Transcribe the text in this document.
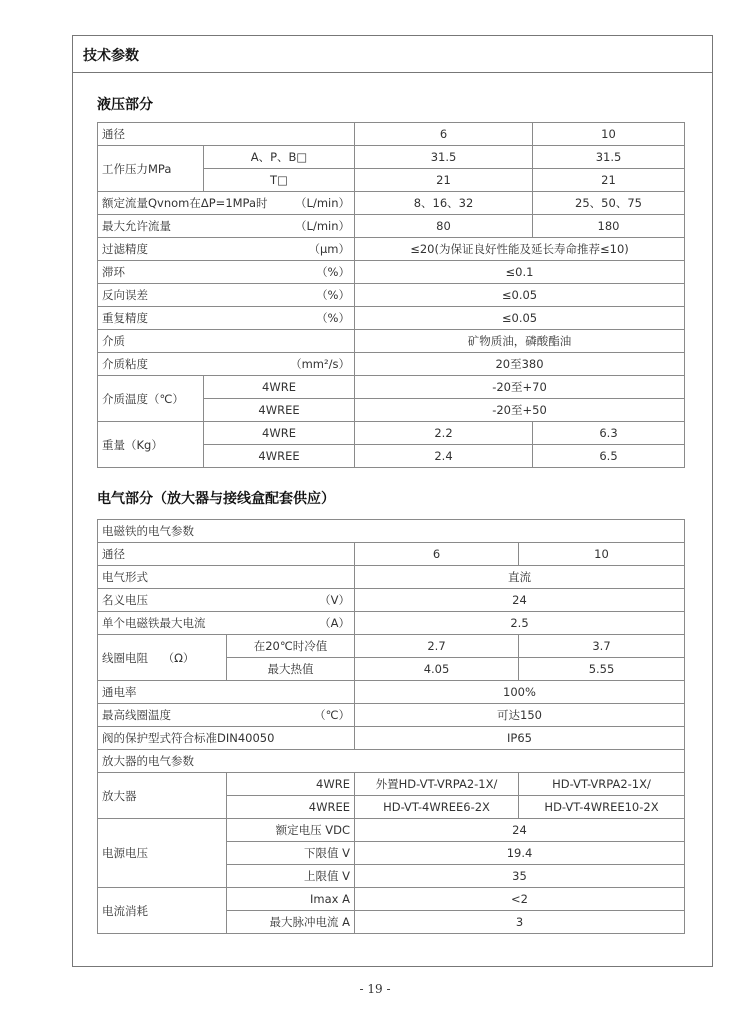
技术参数
液压部分
通径		6	10
工作压力MPa	A、P、B□	31.5	31.5
	T□	21	21
额定流量Qvnom在ΔP=1MPa时 （L/min）		8、16、32	25、50、75
最大允许流量 （L/min）		80	180
过滤精度 （μm）		≤20(为保证良好性能及延长寿命推荐≤10)	
滞环 （%）		≤0.1	
反向误差 （%）		≤0.05	
重复精度 （%）		≤0.05	
介质		矿物质油，磷酸酯油	
介质粘度 （mm²/s）		20至380	
介质温度（℃）	4WRE	-20至+70	
	4WREE	-20至+50	
重量（Kg）	4WRE	2.2	6.3
	4WREE	2.4	6.5
电气部分（放大器与接线盒配套供应）
电磁铁的电气参数			
通径		6	10
电气形式		直流	
名义电压 （V）		24	
单个电磁铁最大电流 （A）		2.5	
线圈电阻 （Ω）	在20℃时冷值	2.7	3.7
	最大热值	4.05	5.55
通电率		100%	
最高线圈温度 （℃）		可达150	
阀的保护型式符合标准DIN40050		IP65	
放大器的电气参数			
放大器	4WRE	外置HD-VT-VRPA2-1X/	HD-VT-VRPA2-1X/
	4WREE	HD-VT-4WREE6-2X	HD-VT-4WREE10-2X
电源电压	额定电压 VDC	24	
	下限值 V	19.4	
	上限值 V	35	
电流消耗	Imax A	<2	
	最大脉冲电流 A	3	
- 19 -
